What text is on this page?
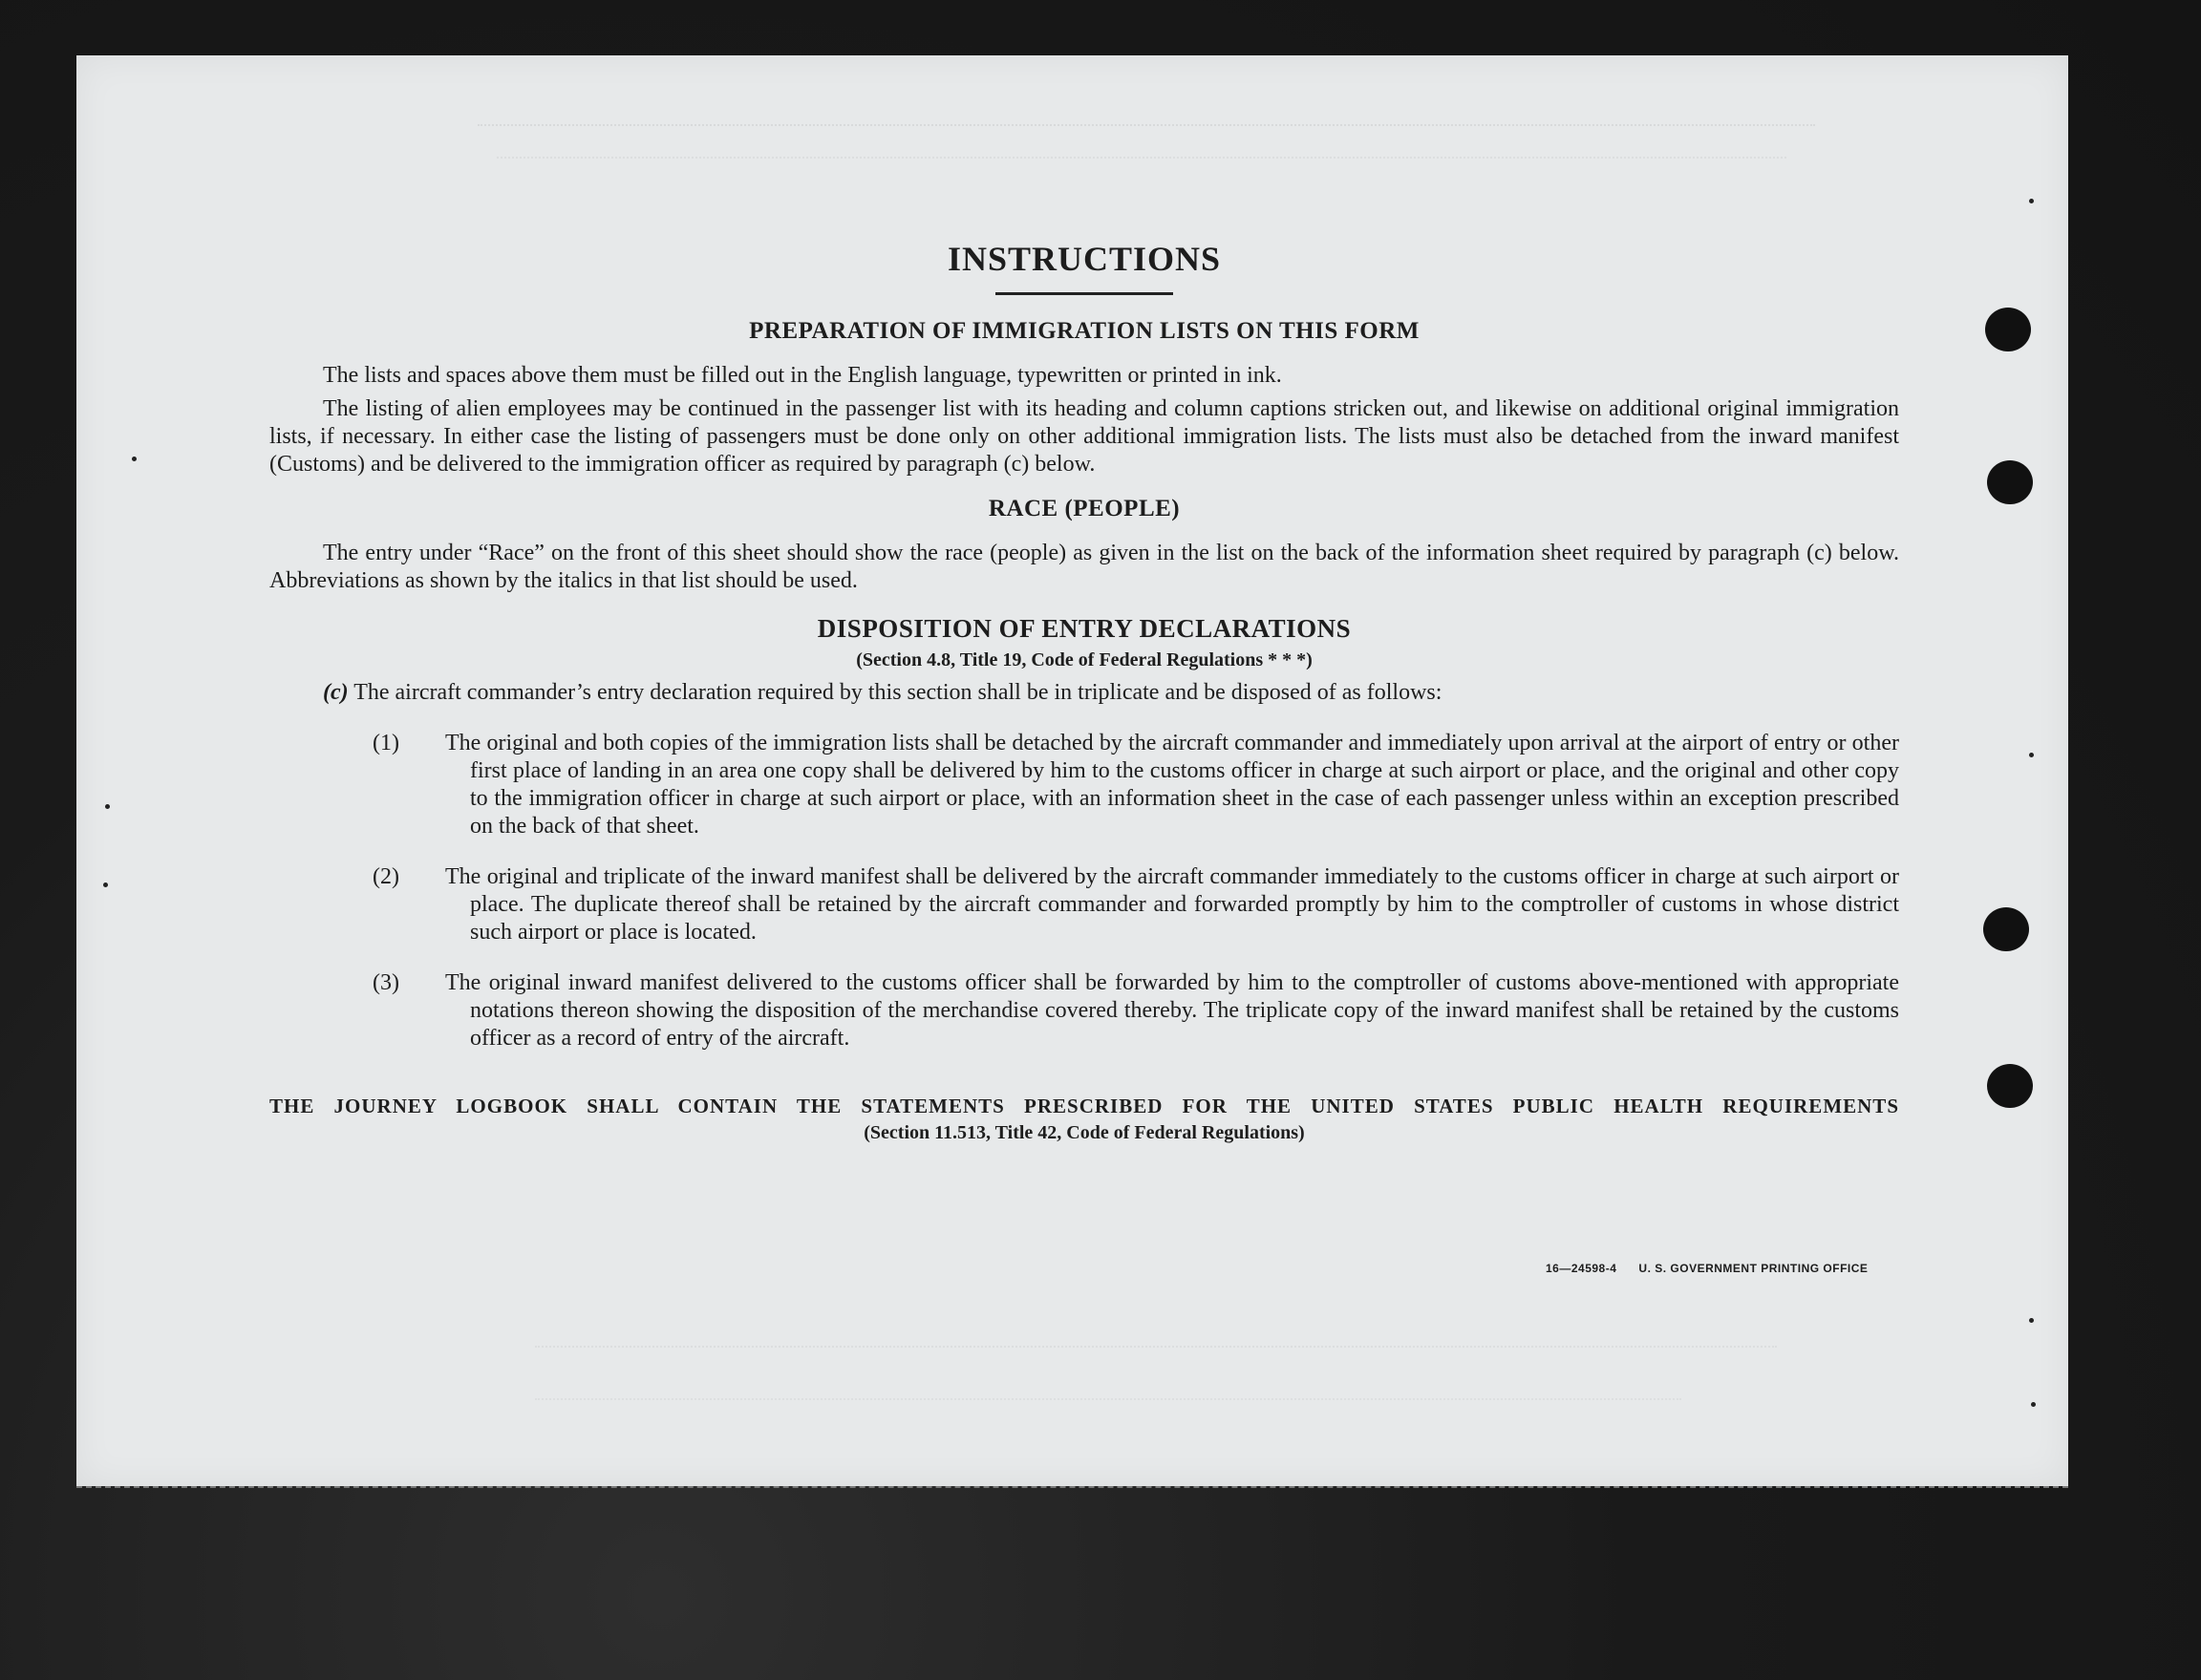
INSTRUCTIONS
PREPARATION OF IMMIGRATION LISTS ON THIS FORM

The lists and spaces above them must be filled out in the English language, typewritten or printed in ink.

The listing of alien employees may be continued in the passenger list with its heading and column captions stricken out, and likewise on additional original immigration lists, if necessary. In either case the listing of passengers must be done only on other additional immigration lists. The lists must also be detached from the inward manifest (Customs) and be delivered to the immigration officer as required by paragraph (c) below.

RACE (PEOPLE)

The entry under “Race” on the front of this sheet should show the race (people) as given in the list on the back of the information sheet required by paragraph (c) below. Abbreviations as shown by the italics in that list should be used.

DISPOSITION OF ENTRY DECLARATIONS
(Section 4.8, Title 19, Code of Federal Regulations * * *)

(c) The aircraft commander’s entry declaration required by this section shall be in triplicate and be disposed of as follows:

(1) The original and both copies of the immigration lists shall be detached by the aircraft commander and immediately upon arrival at the airport of entry or other first place of landing in an area one copy shall be delivered by him to the customs officer in charge at such airport or place, and the original and other copy to the immigration officer in charge at such airport or place, with an information sheet in the case of each passenger unless within an exception prescribed on the back of that sheet.
(2) The original and triplicate of the inward manifest shall be delivered by the aircraft commander immediately to the customs officer in charge at such airport or place. The duplicate thereof shall be retained by the aircraft commander and forwarded promptly by him to the comptroller of customs in whose district such airport or place is located.
(3) The original inward manifest delivered to the customs officer shall be forwarded by him to the comptroller of customs above-mentioned with appropriate notations thereon showing the disposition of the merchandise covered thereby. The triplicate copy of the inward manifest shall be retained by the customs officer as a record of entry of the aircraft.
THE JOURNEY LOGBOOK SHALL CONTAIN THE STATEMENTS PRESCRIBED FOR THE UNITED STATES PUBLIC HEALTH REQUIREMENTS
(Section 11.513, Title 42, Code of Federal Regulations)
16—24598-4 U. S. GOVERNMENT PRINTING OFFICE
